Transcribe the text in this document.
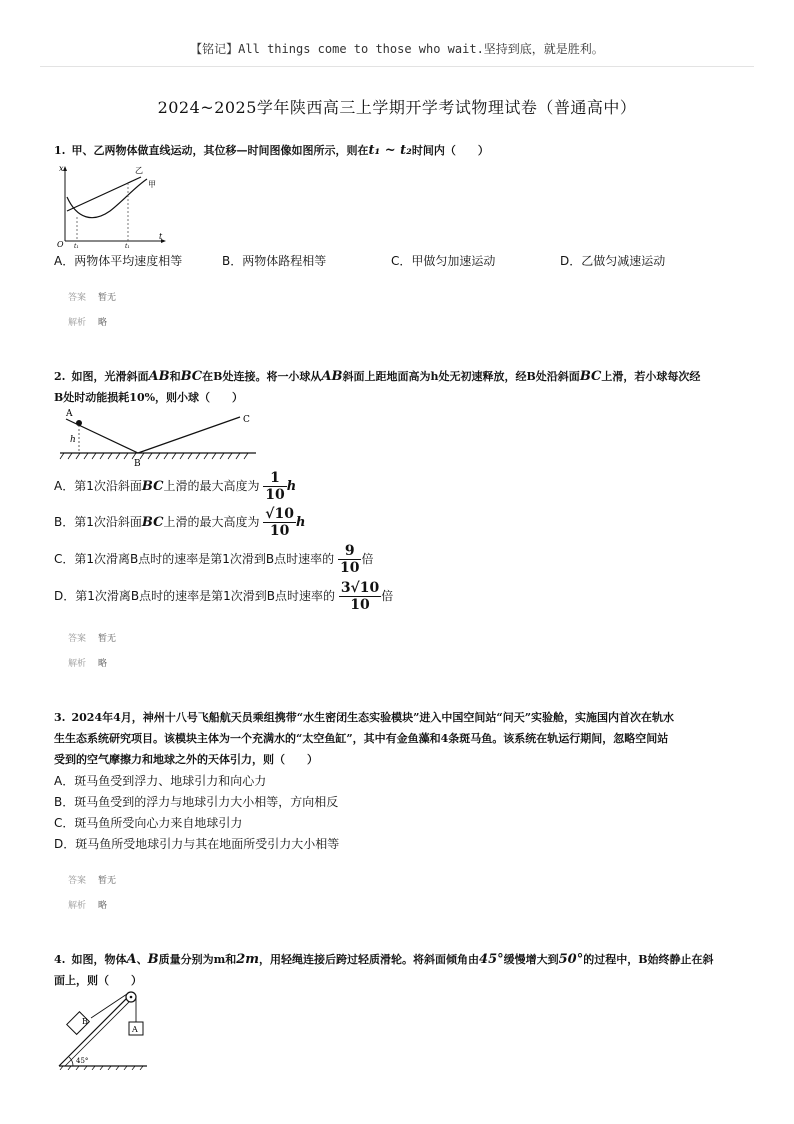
【铭记】All things come to those who wait.坚持到底，就是胜利。
2024~2025学年陕西高三上学期开学考试物理试卷（普通高中）
1. 甲、乙两物体做直线运动，其位移—时间图像如图所示，则在t₁ ~ t₂时间内（　　）
x
t
O t₁	t₁
乙
甲
A．两物体平均速度相等	B．两物体路程相等	C．甲做匀加速运动	D．乙做匀减速运动
答案 暂无
解析 略
2. 如图，光滑斜面AB和BC在B处连接。将一小球从AB斜面上距地面高为h处无初速释放，经B处沿斜面BC上滑，若小球每次经
B处时动能损耗10%，则小球（　　）
A
h
B
C
A．第1次沿斜面BC上滑的最大高度为 $\frac{1}{10}$ h
B．第1次沿斜面BC上滑的最大高度为 $\frac{√10}{10}$ h
C．第1次滑离B点时的速率是第1次滑到B点时速率的 $\frac{9}{10}$ 倍
D．第1次滑离B点时的速率是第1次滑到B点时速率的 $\frac{3√10}{10}$ 倍
答案 暂无
解析 略
3. 2024年4月，神州十八号飞船航天员乘组携带“水生密闭生态实验模块”进入中国空间站“问天”实验舱，实施国内首次在轨水
生生态系统研究项目。该模块主体为一个充满水的“太空鱼缸”，其中有金鱼藻和4条斑马鱼。该系统在轨运行期间，忽略空间站
受到的空气摩擦力和地球之外的天体引力，则（　　）
A．斑马鱼受到浮力、地球引力和向心力
B．斑马鱼受到的浮力与地球引力大小相等，方向相反
C．斑马鱼所受向心力来自地球引力
D．斑马鱼所受地球引力与其在地面所受引力大小相等
答案 暂无
解析 略
4. 如图，物体A、B质量分别为m和2m，用轻绳连接后跨过轻质滑轮。将斜面倾角由45°缓慢增大到50°的过程中，B始终静止在斜
面上，则（　　）
B
A
45°
